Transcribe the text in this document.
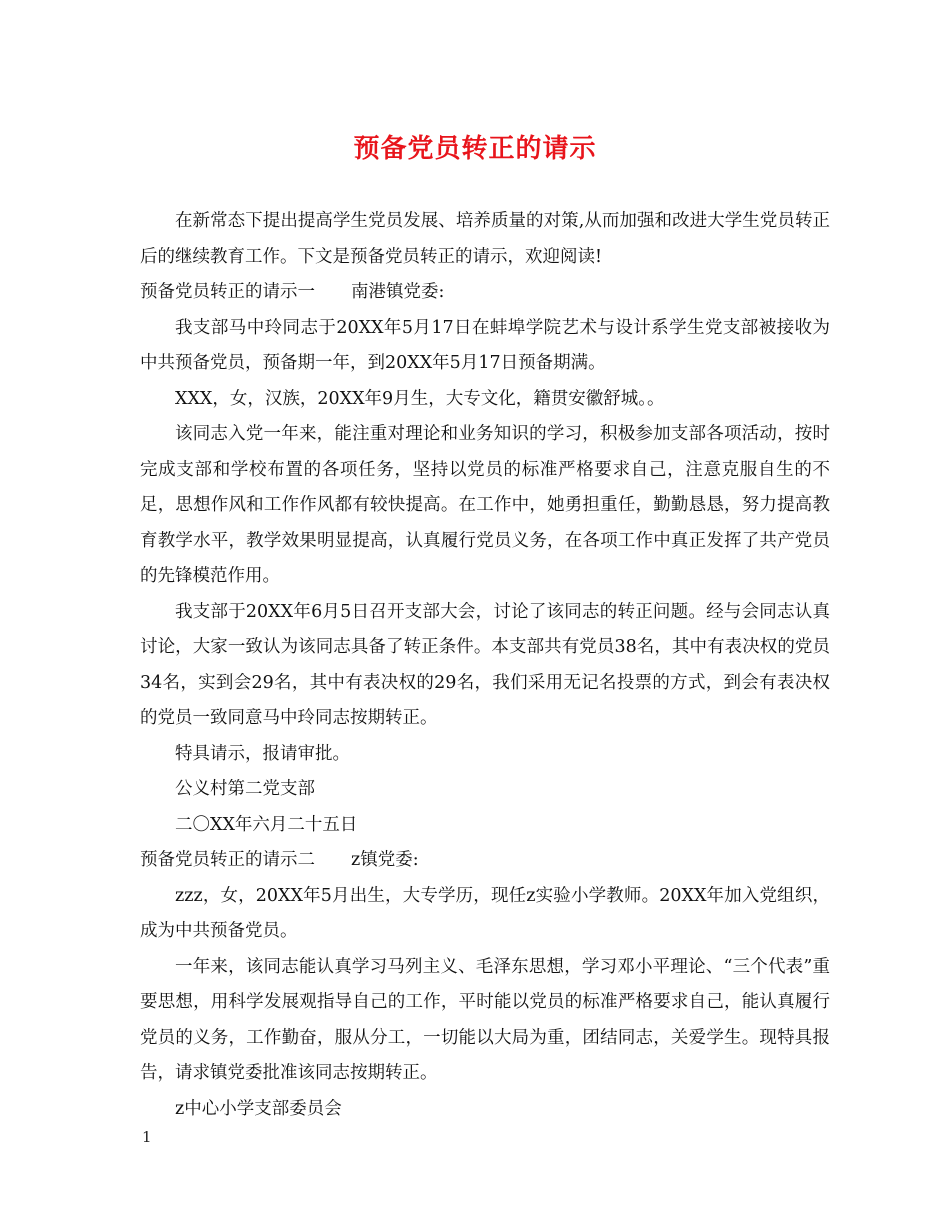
预备党员转正的请示

在新常态下提出提高学生党员发展、培养质量的对策,从而加强和改进大学生党员转正后的继续教育工作。下文是预备党员转正的请示，欢迎阅读!

预备党员转正的请示一 南港镇党委:

我支部马中玲同志于20XX年5月17日在蚌埠学院艺术与设计系学生党支部被接收为中共预备党员，预备期一年，到20XX年5月17日预备期满。

XXX，女，汉族，20XX年9月生，大专文化，籍贯安徽舒城。。

该同志入党一年来，能注重对理论和业务知识的学习，积极参加支部各项活动，按时完成支部和学校布置的各项任务，坚持以党员的标准严格要求自己，注意克服自生的不足，思想作风和工作作风都有较快提高。在工作中，她勇担重任，勤勤恳恳，努力提高教育教学水平，教学效果明显提高，认真履行党员义务，在各项工作中真正发挥了共产党员的先锋模范作用。

我支部于20XX年6月5日召开支部大会，讨论了该同志的转正问题。经与会同志认真讨论，大家一致认为该同志具备了转正条件。本支部共有党员38名，其中有表决权的党员34名，实到会29名，其中有表决权的29名，我们采用无记名投票的方式，到会有表决权的党员一致同意马中玲同志按期转正。

特具请示，报请审批。

公义村第二党支部

二〇XX年六月二十五日

预备党员转正的请示二 z镇党委:

zzz，女，20XX年5月出生，大专学历，现任z实验小学教师。20XX年加入党组织，成为中共预备党员。

一年来，该同志能认真学习马列主义、毛泽东思想，学习邓小平理论、“三个代表”重要思想，用科学发展观指导自己的工作，平时能以党员的标准严格要求自己，能认真履行党员的义务，工作勤奋，服从分工，一切能以大局为重，团结同志，关爱学生。现特具报告，请求镇党委批准该同志按期转正。

z中心小学支部委员会

1
